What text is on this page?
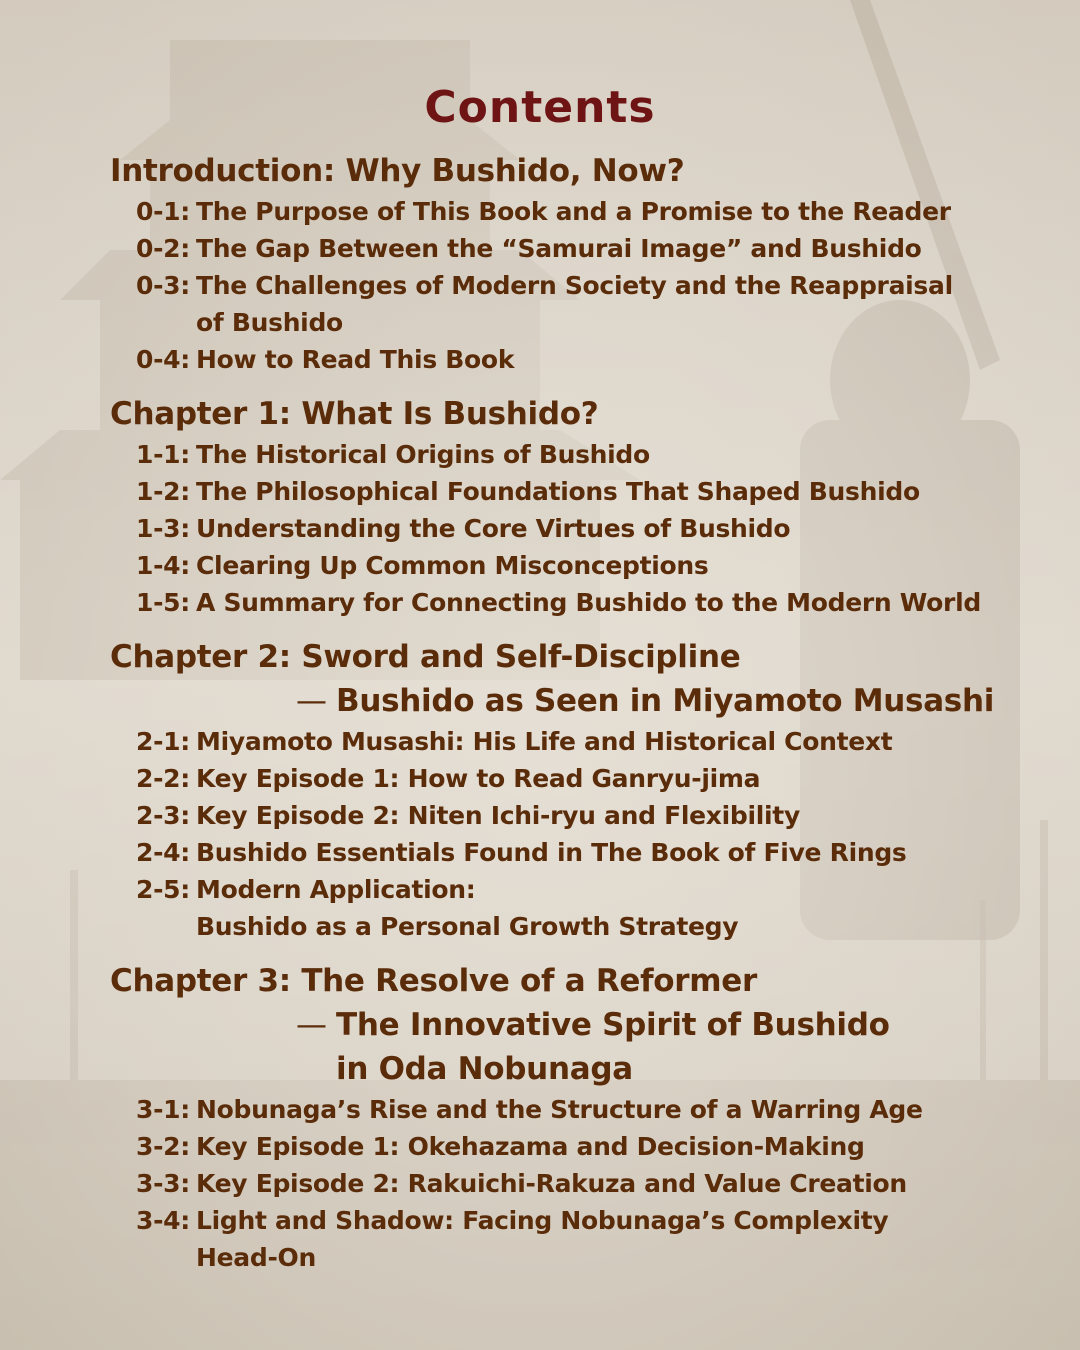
Contents
Introduction: Why Bushido, Now?
0-1: The Purpose of This Book and a Promise to the Reader
0-2: The Gap Between the “Samurai Image” and Bushido
0-3: The Challenges of Modern Society and the Reappraisal
of Bushido
0-4: How to Read This Book
Chapter 1: What Is Bushido?
1-1: The Historical Origins of Bushido
1-2: The Philosophical Foundations That Shaped Bushido
1-3: Understanding the Core Virtues of Bushido
1-4: Clearing Up Common Misconceptions
1-5: A Summary for Connecting Bushido to the Modern World
Chapter 2: Sword and Self-Discipline
— Bushido as Seen in Miyamoto Musashi
2-1: Miyamoto Musashi: His Life and Historical Context
2-2: Key Episode 1: How to Read Ganryu-jima
2-3: Key Episode 2: Niten Ichi-ryu and Flexibility
2-4: Bushido Essentials Found in The Book of Five Rings
2-5: Modern Application:
Bushido as a Personal Growth Strategy
Chapter 3: The Resolve of a Reformer
— The Innovative Spirit of Bushido
in Oda Nobunaga
3-1: Nobunaga’s Rise and the Structure of a Warring Age
3-2: Key Episode 1: Okehazama and Decision-Making
3-3: Key Episode 2: Rakuichi-Rakuza and Value Creation
3-4: Light and Shadow: Facing Nobunaga’s Complexity
Head-On
